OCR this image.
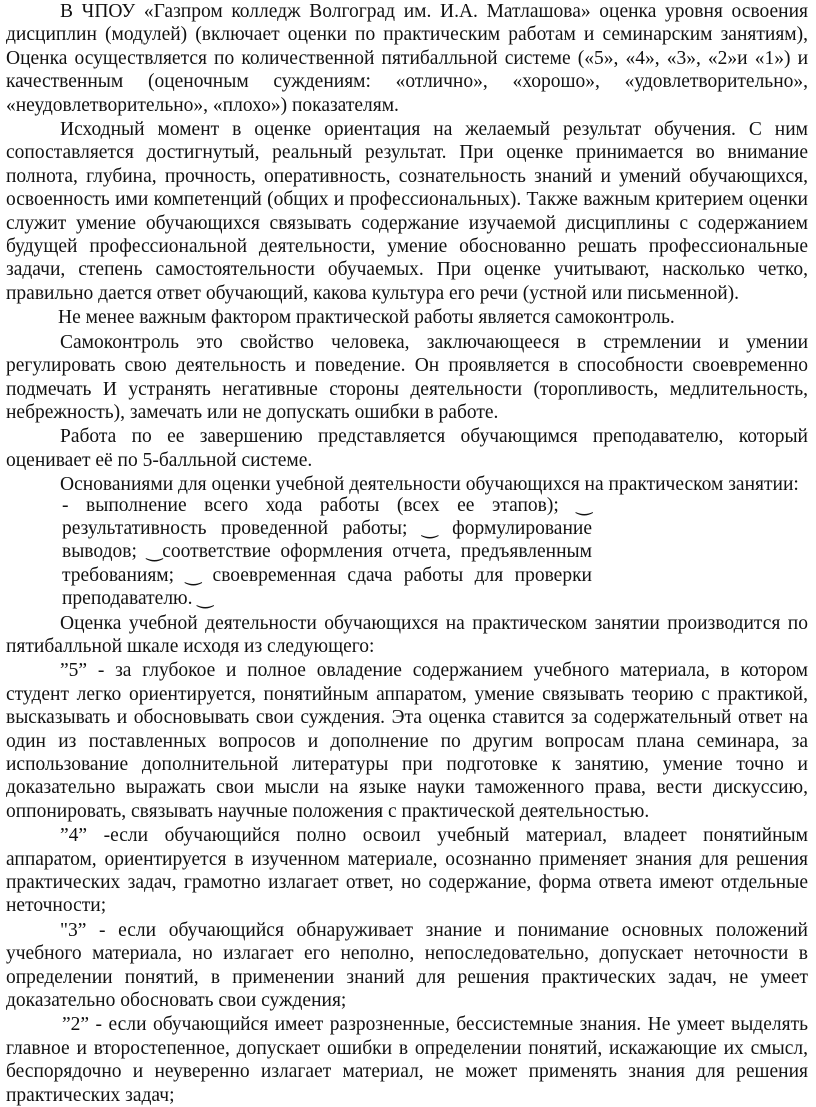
В ЧПОУ «Газпром колледж Волгоград им. И.А. Матлашова» оценка уровня освоения дисциплин (модулей) (включает оценки по практическим работам и семинарским занятиям), Оценка осуществляется по количественной пятибалльной системе («5», «4», «3», «2»и «1») и качественным (оценочным суждениям: «отлично», «хорошо», «удовлетворительно», «неудовлетворительно», «плохо») показателям.

Исходный момент в оценке ориентация на желаемый результат обучения. С ним сопоставляется достигнутый, реальный результат. При оценке принимается во внимание полнота, глубина, прочность, оперативность, сознательность знаний и умений обучающихся, освоенность ими компетенций (общих и профессиональных). Также важным критерием оценки служит умение обучающихся связывать содержание изучаемой дисциплины с содержанием будущей профессиональной деятельности, умение обоснованно решать профессиональные задачи, степень самостоятельности обучаемых. При оценке учитывают, насколько четко, правильно дается ответ обучающий, какова культура его речи (устной или письменной).

Не менее важным фактором практической работы является самоконтроль.

Самоконтроль это свойство человека, заключающееся в стремлении и умении регулировать свою деятельность и поведение. Он проявляется в способности своевременно подмечать И устранять негативные стороны деятельности (торопливость, медлительность, небрежность), замечать или не допускать ошибки в работе.

Работа по ее завершению представляется обучающимся преподавателю, который оценивает её по 5-балльной системе.

Основаниями для оценки учебной деятельности обучающихся на практическом занятии:

- выполнение всего хода работы (всех ее этапов); ‿
результативность проведенной работы; ‿ формулирование
выводов; ‿соответствие оформления отчета, предъявленным
требованиям; ‿ своевременная сдача работы для проверки
преподавателю. ‿

Оценка учебной деятельности обучающихся на практическом занятии производится по пятибалльной шкале исходя из следующего:

”5” - за глубокое и полное овладение содержанием учебного материала, в котором студент легко ориентируется, понятийным аппаратом, умение связывать теорию с практикой, высказывать и обосновывать свои суждения. Эта оценка ставится за содержательный ответ на один из поставленных вопросов и дополнение по другим вопросам плана семинара, за использование дополнительной литературы при подготовке к занятию, умение точно и доказательно выражать свои мысли на языке науки таможенного права, вести дискуссию, оппонировать, связывать научные положения с практической деятельностью.

”4” -если обучающийся полно освоил учебный материал, владеет понятийным аппаратом, ориентируется в изученном материале, осознанно применяет знания для решения практических задач, грамотно излагает ответ, но содержание, форма ответа имеют отдельные неточности;

"3” - если обучающийся обнаруживает знание и понимание основных положений учебного материала, но излагает его неполно, непоследовательно, допускает неточности в определении понятий, в применении знаний для решения практических задач, не умеет доказательно обосновать свои суждения;

”2” - если обучающийся имеет разрозненные, бессистемные знания. Не умеет выделять главное и второстепенное, допускает ошибки в определении понятий, искажающие их смысл, беспорядочно и неуверенно излагает материал, не может применять знания для решения практических задач;
